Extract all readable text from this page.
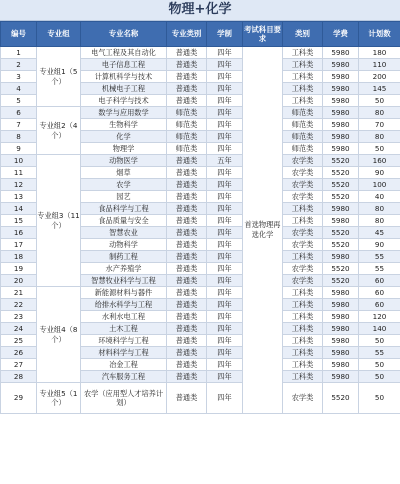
物理+化学
编号	专业组	专业名称	专业类别	学制	考试科目要求	类别	学费	计划数
1	专业组1（5个）	电气工程及其自动化	普通类	四年	首选物理再选化学	工科类	5980	180
2		电子信息工程	普通类	四年		工科类	5980	110
3		计算机科学与技术	普通类	四年		工科类	5980	200
4		机械电子工程	普通类	四年		工科类	5980	145
5		电子科学与技术	普通类	四年		工科类	5980	50
6	专业组2（4个）	数学与应用数学	师范类	四年		师范类	5980	80
7		生物科学	师范类	四年		师范类	5980	70
8		化学	师范类	四年		师范类	5980	80
9		物理学	师范类	四年		师范类	5980	50
10	专业组3（11个）	动物医学	普通类	五年		农学类	5520	160
11		烟草	普通类	四年		农学类	5520	90
12		农学	普通类	四年		农学类	5520	100
13		园艺	普通类	四年		农学类	5520	40
14		食品科学与工程	普通类	四年		工科类	5980	80
15		食品质量与安全	普通类	四年		工科类	5980	80
16		智慧农业	普通类	四年		农学类	5520	45
17		动物科学	普通类	四年		农学类	5520	90
18		制药工程	普通类	四年		工科类	5980	55
19		水产养殖学	普通类	四年		农学类	5520	55
20		智慧牧业科学与工程	普通类	四年		农学类	5520	60
21	专业组4（8个）	新能源材料与器件	普通类	四年		工科类	5980	60
22		给排水科学与工程	普通类	四年		工科类	5980	60
23		水利水电工程	普通类	四年		工科类	5980	120
24		土木工程	普通类	四年		工科类	5980	140
25		环境科学与工程	普通类	四年		工科类	5980	50
26		材料科学与工程	普通类	四年		工科类	5980	55
27		冶金工程	普通类	四年		工科类	5980	50
28		汽车服务工程	普通类	四年		工科类	5980	50
29	专业组5（1个）	农学（应用型人才培养计划）	普通类	四年		农学类	5520	50
